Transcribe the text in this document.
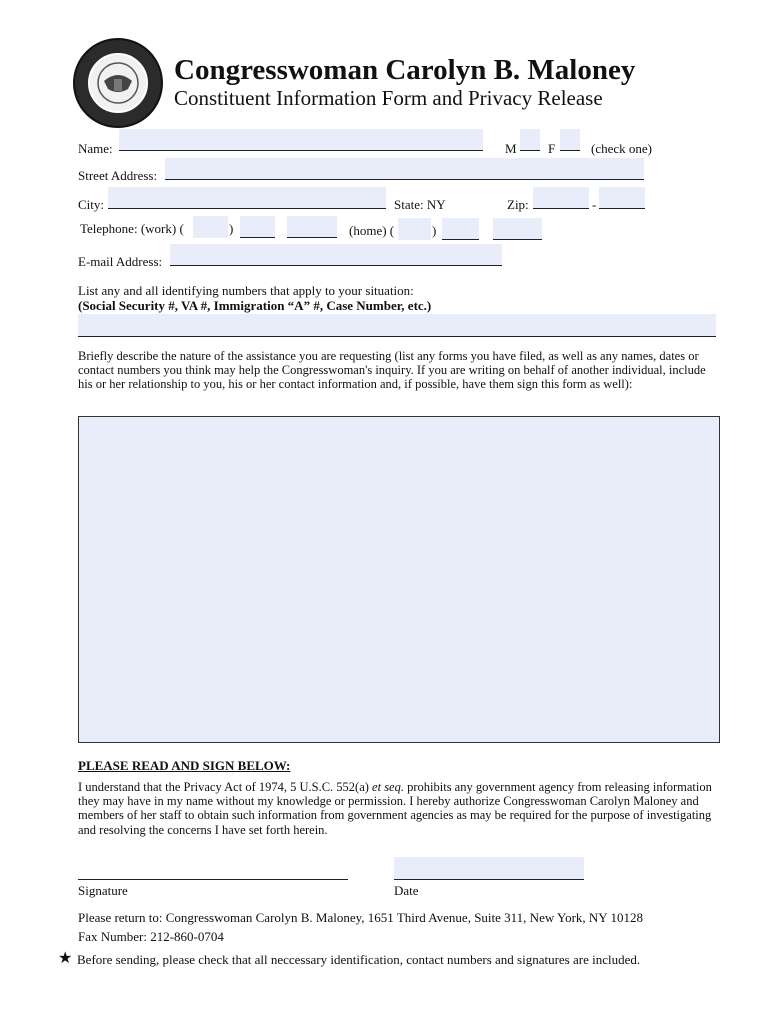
Congresswoman Carolyn B. Maloney
Constituent Information Form and Privacy Release
Name:	M F	(check one)
Street Address:
City:	State: NY	Zip:	-
Telephone: (work) (	)	(home) (	)
E-mail Address:
List any and all identifying numbers that apply to your situation:
(Social Security #, VA #, Immigration “A” #, Case Number, etc.)
Briefly describe the nature of the assistance you are requesting (list any forms you have filed, as well as any names, dates or contact numbers you think may help the Congresswoman's inquiry. If you are writing on behalf of another individual, include his or her relationship to you, his or her contact information and, if possible, have them sign this form as well):
PLEASE READ AND SIGN BELOW:
I understand that the Privacy Act of 1974, 5 U.S.C. 552(a) et seq. prohibits any government agency from releasing information they may have in my name without my knowledge or permission. I hereby authorize Congresswoman Carolyn Maloney and members of her staff to obtain such information from government agencies as may be required for the purpose of investigating and resolving the concerns I have set forth herein.
Signature	Date
Please return to: Congresswoman Carolyn B. Maloney, 1651 Third Avenue, Suite 311, New York, NY 10128
Fax Number: 212-860-0704
★ Before sending, please check that all neccessary identification, contact numbers and signatures are included.
